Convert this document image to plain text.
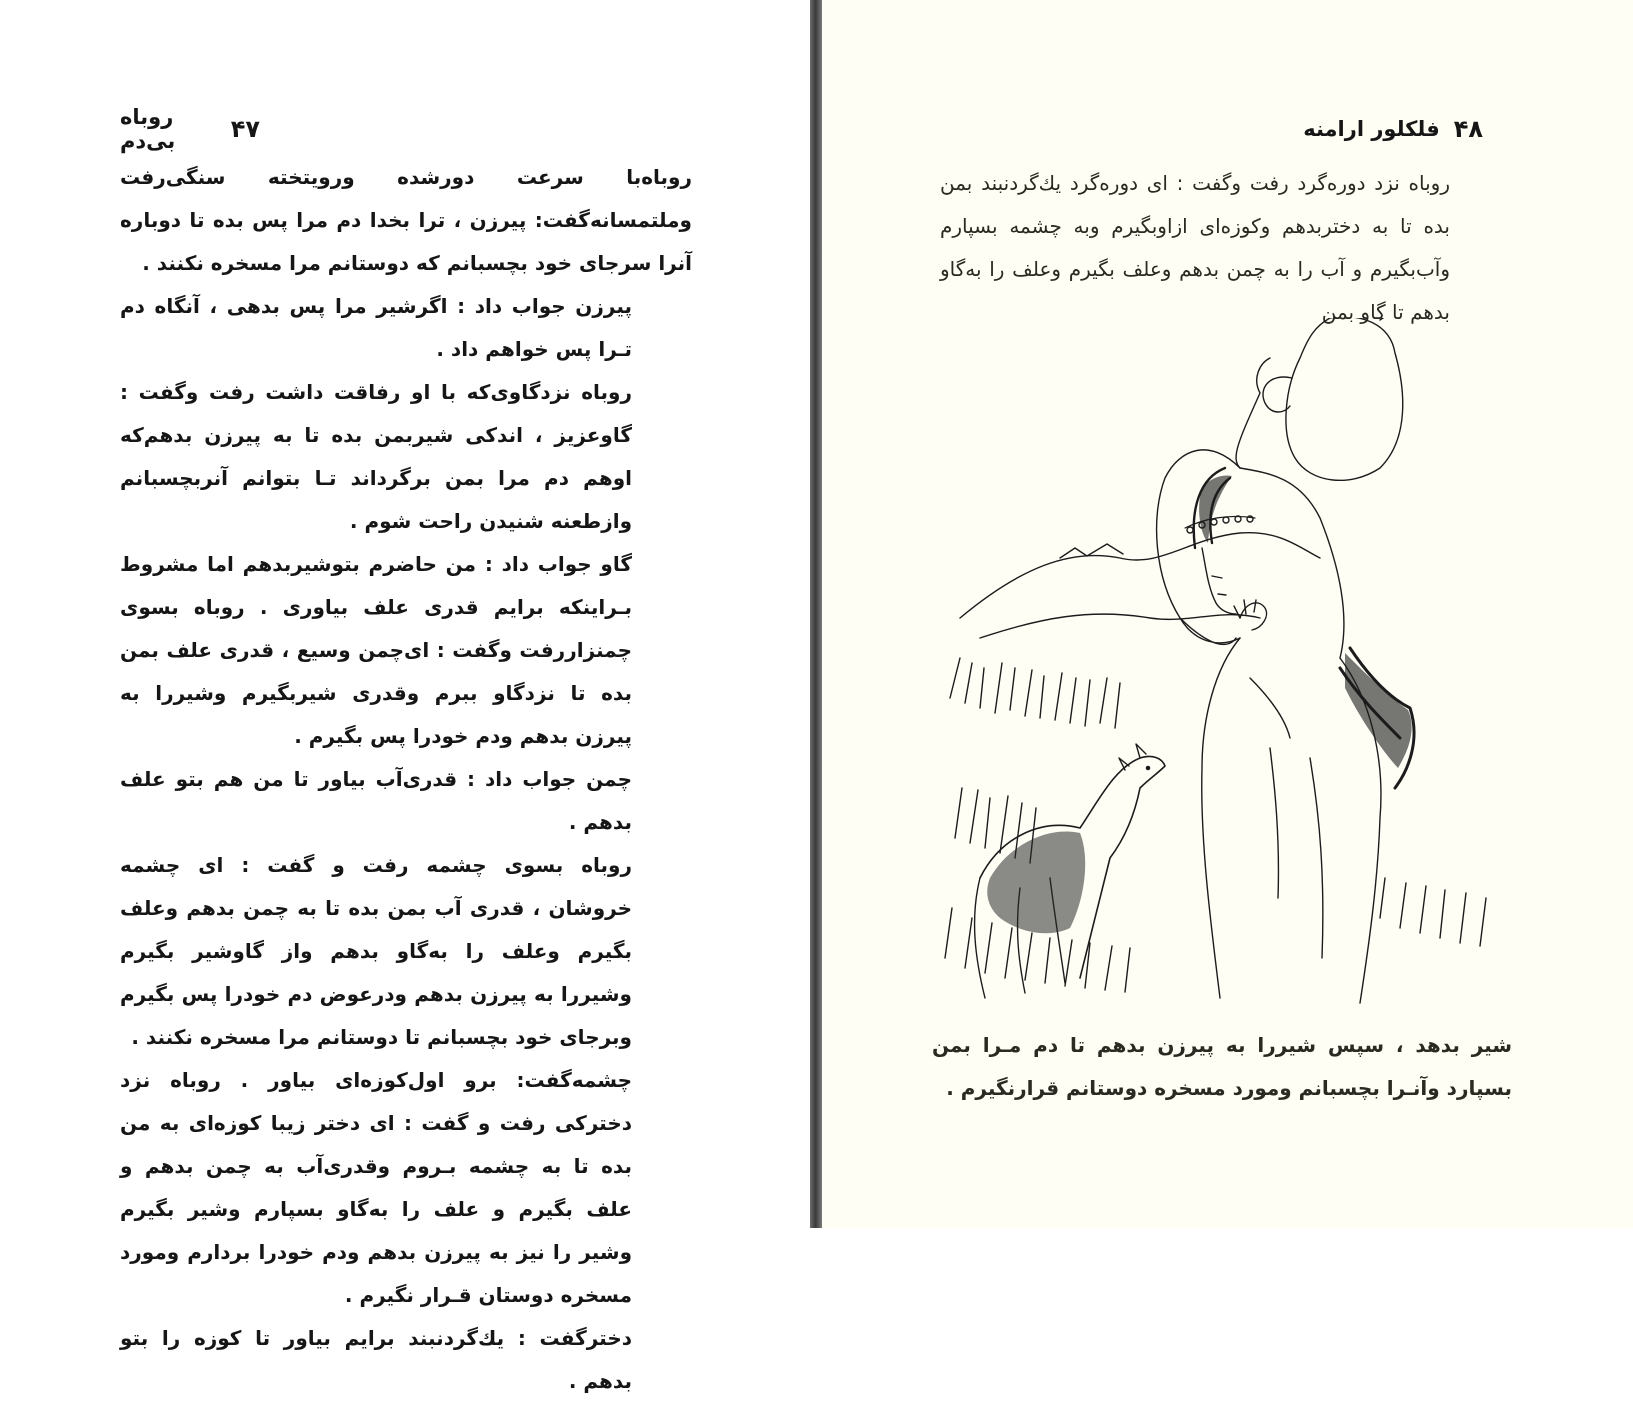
روباه بی‌دم	۴۷

روباه‌با سرعت دورشده ورویتخته سنگی‌رفت وملتمسانه‌گفت: پیرزن ، ترا بخدا دم مرا پس بده تا دوباره آنرا سرجای خود بچسبانم که دوستانم مرا مسخره نکنند .

پیرزن جواب داد : اگرشیر مرا پس بدهی ، آنگاه دم تـرا پس خواهم داد .

روباه نزدگاوی‌که با او رفاقت داشت رفت وگفت : گاوعزیز ، اندکی شیربمن بده تا به پیرزن بدهم‌که اوهم دم مرا بمن برگرداند تـا بتوانم آنربچسبانم وازطعنه شنیدن راحت شوم .

گاو جواب داد : من حاضرم بتوشیربدهم اما مشروط بـراینکه برایم قدری علف بیاوری . روباه بسوی چمنزاررفت وگفت : ای‌چمن وسیع ، قدری علف بمن بده تا نزدگاو ببرم وقدری شیربگیرم وشیررا به پیرزن بدهم ودم خودرا پس بگیرم .

چمن جواب داد : قدری‌آب بیاور تا من هم بتو علف بدهم .

روباه بسوی چشمه رفت و گفت : ای چشمه خروشان ، قدری آب بمن بده تا به چمن بدهم وعلف بگیرم وعلف را به‌گاو بدهم واز گاوشیر بگیرم وشیررا به پیرزن بدهم ودرعوض دم خودرا پس بگیرم وبرجای خود بچسبانم تا دوستانم مرا مسخره نکنند .

چشمه‌گفت: برو اول‌کوزه‌ای بیاور . روباه نزد دخترکی رفت و گفت : ای دختر زیبا کوزه‌ای به من بده تا به چشمه بـروم وقدری‌آب به چمن بدهم و علف بگیرم و علف را به‌گاو بسپارم وشیر بگیرم وشیر را نیز به پیرزن بدهم ودم خودرا بردارم ومورد مسخره دوستان قـرار نگیرم .

دخترگفت : یك‌گردنبند برایم بیاور تا کوزه را بتو بدهم .

۴۸
فلکلور ارامنه

روباه نزد دوره‌گرد رفت وگفت : ای دوره‌گرد یك‌گردنبند بمن بده تا به دختربدهم وکوزه‌ای ازاوبگیرم وبه چشمه بسپارم وآب‌بگیرم و آب را به چمن بدهم وعلف بگیرم وعلف را به‌گاو بدهم تا گاو بمن

شیر بدهد ، سپس شیررا به پیرزن بدهم تا دم مـرا بمن بسپارد وآنـرا بچسبانم ومورد مسخره دوستانم قرارنگیرم .
